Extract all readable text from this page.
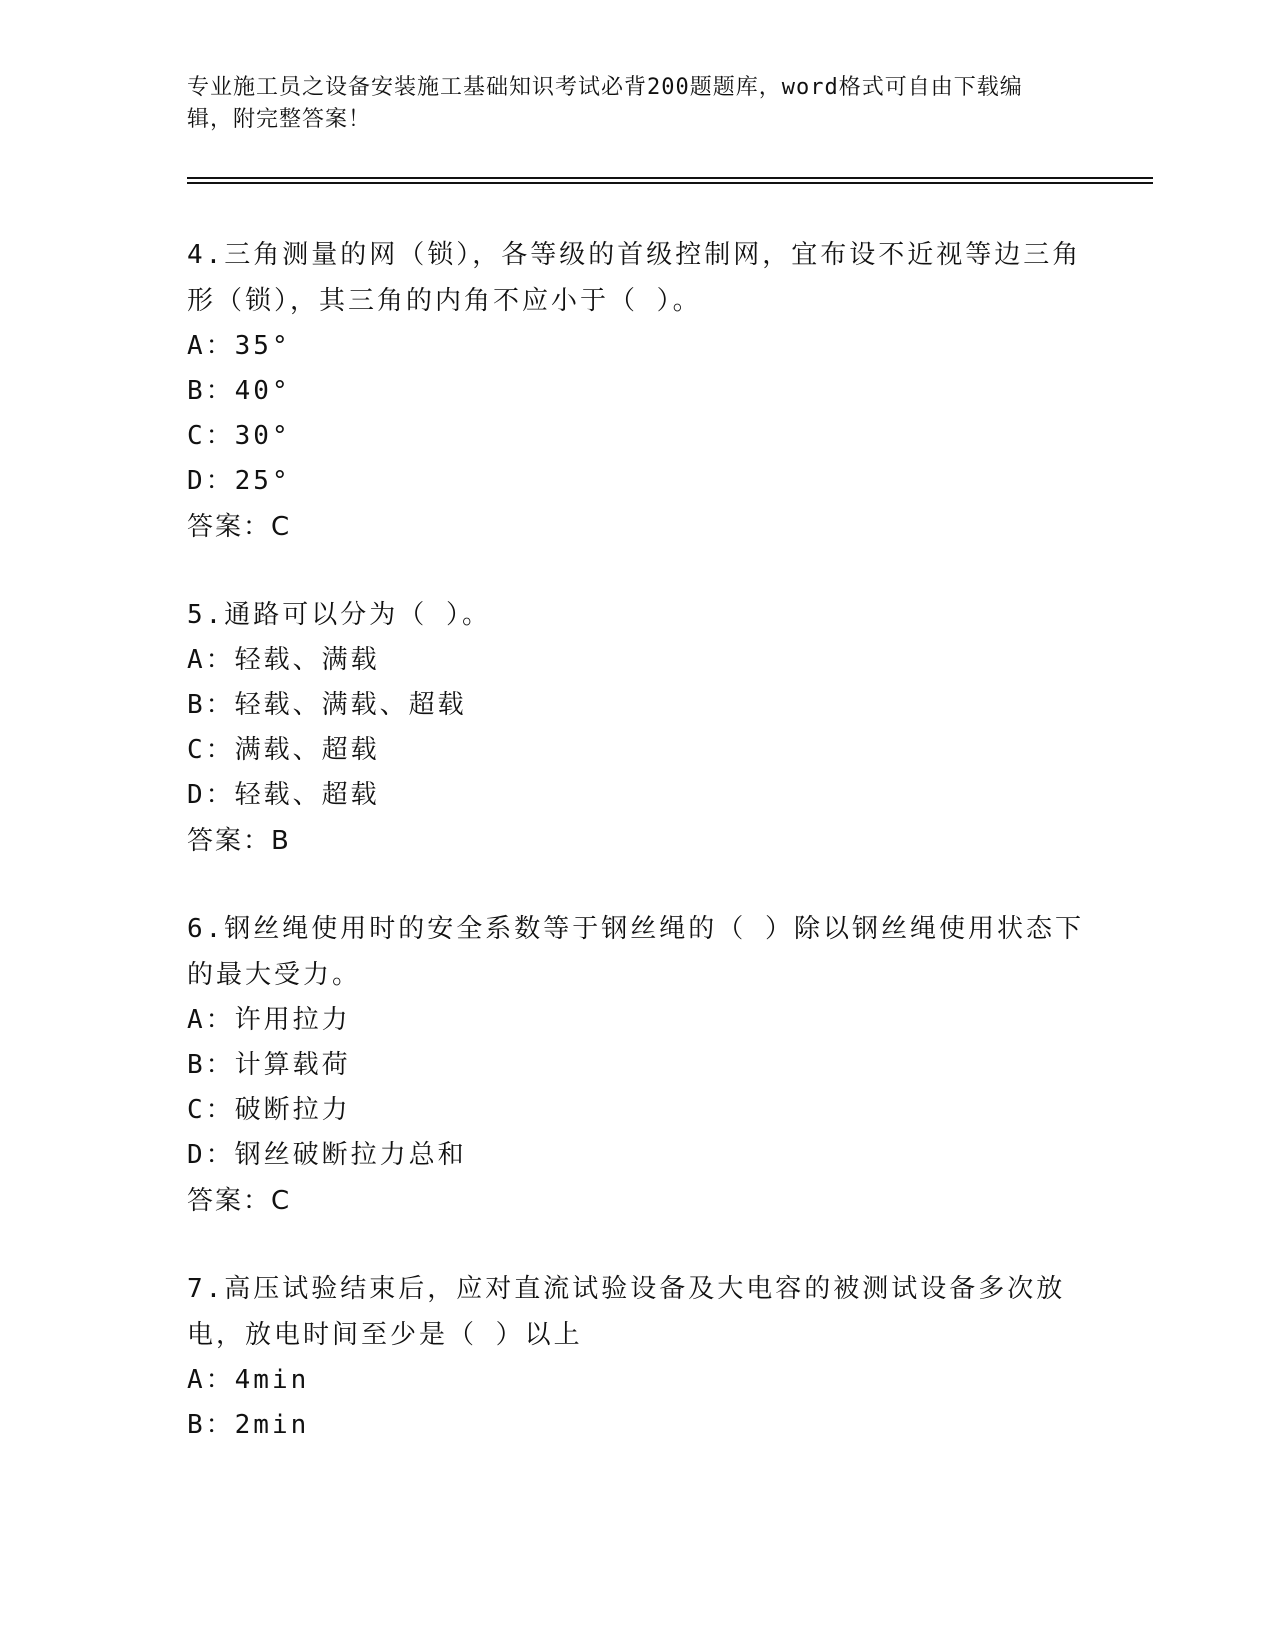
专业施工员之设备安装施工基础知识考试必背200题题库，word格式可自由下载编辑，附完整答案！
4.三角测量的网（锁），各等级的首级控制网，宜布设不近视等边三角形（锁），其三角的内角不应小于（ ）。
A：35°
B：40°
C：30°
D：25°
答案：C
5.通路可以分为（ ）。
A：轻载、满载
B：轻载、满载、超载
C：满载、超载
D：轻载、超载
答案：B
6.钢丝绳使用时的安全系数等于钢丝绳的（ ）除以钢丝绳使用状态下的最大受力。
A：许用拉力
B：计算载荷
C：破断拉力
D：钢丝破断拉力总和
答案：C
7.高压试验结束后，应对直流试验设备及大电容的被测试设备多次放电，放电时间至少是（ ）以上
A：4min
B：2min
